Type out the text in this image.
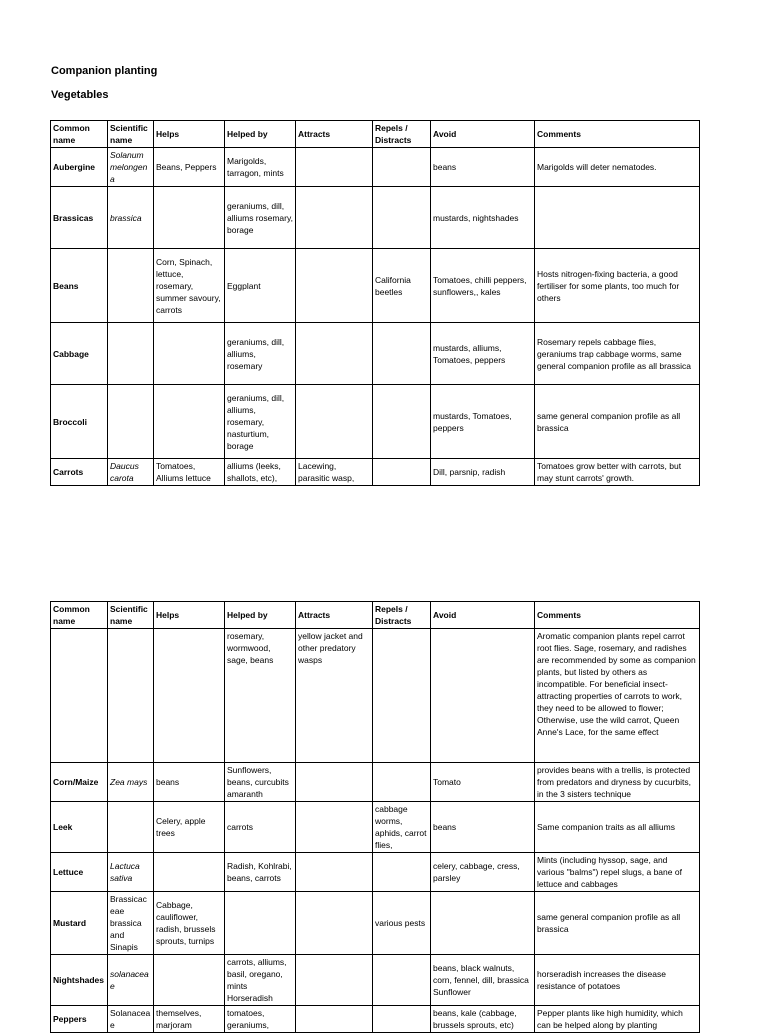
Companion planting
Vegetables
Common name	Scientific name	Helps	Helped by	Attracts	Repels / Distracts	Avoid	Comments
Aubergine	Solanum melongena	Beans, Peppers	Marigolds, tarragon, mints			beans	Marigolds will deter nematodes.
Brassicas	brassica		geraniums, dill, alliums rosemary, borage			mustards, nightshades	
Beans		Corn, Spinach, lettuce, rosemary, summer savoury, carrots	Eggplant		California beetles	Tomatoes, chilli peppers, sunflowers,, kales	Hosts nitrogen-fixing bacteria, a good fertiliser for some plants, too much for others
Cabbage			geraniums, dill, alliums, rosemary			mustards, alliums, Tomatoes, peppers	Rosemary repels cabbage flies, geraniums trap cabbage worms, same general companion profile as all brassica
Broccoli			geraniums, dill, alliums, rosemary, nasturtium, borage			mustards, Tomatoes, peppers	same general companion profile as all brassica
Carrots	Daucus carota	Tomatoes, Alliums lettuce	alliums (leeks, shallots, etc),	Lacewing, parasitic wasp,		Dill, parsnip, radish	Tomatoes grow better with carrots, but may stunt carrots' growth.
Common name	Scientific name	Helps	Helped by	Attracts	Repels / Distracts	Avoid	Comments
			rosemary, wormwood, sage, beans	yellow jacket and other predatory wasps			Aromatic companion plants repel carrot root flies. Sage, rosemary, and radishes are recommended by some as companion plants, but listed by others as incompatible. For beneficial insect-attracting properties of carrots to work, they need to be allowed to flower; Otherwise, use the wild carrot, Queen Anne's Lace, for the same effect
Corn/Maize	Zea mays	beans	Sunflowers, beans, curcubits amaranth			Tomato	provides beans with a trellis, is protected from predators and dryness by cucurbits, in the 3 sisters technique
Leek		Celery, apple trees	carrots		cabbage worms, aphids, carrot flies,	beans	Same companion traits as all alliums
Lettuce	Lactuca sativa		Radish, Kohlrabi, beans, carrots			celery, cabbage, cress, parsley	Mints (including hyssop, sage, and various "balms") repel slugs, a bane of lettuce and cabbages
Mustard	Brassicaceae brassica and Sinapis	Cabbage, cauliflower, radish, brussels sprouts, turnips			various pests		same general companion profile as all brassica
Nightshades	solanaceae		carrots, alliums, basil, oregano, mints Horseradish			beans, black walnuts, corn, fennel, dill, brassica Sunflower	horseradish increases the disease resistance of potatoes
Peppers	Solanaceae	themselves, marjoram	tomatoes, geraniums,			beans, kale (cabbage, brussels sprouts, etc)	Pepper plants like high humidity, which can be helped along by planting
